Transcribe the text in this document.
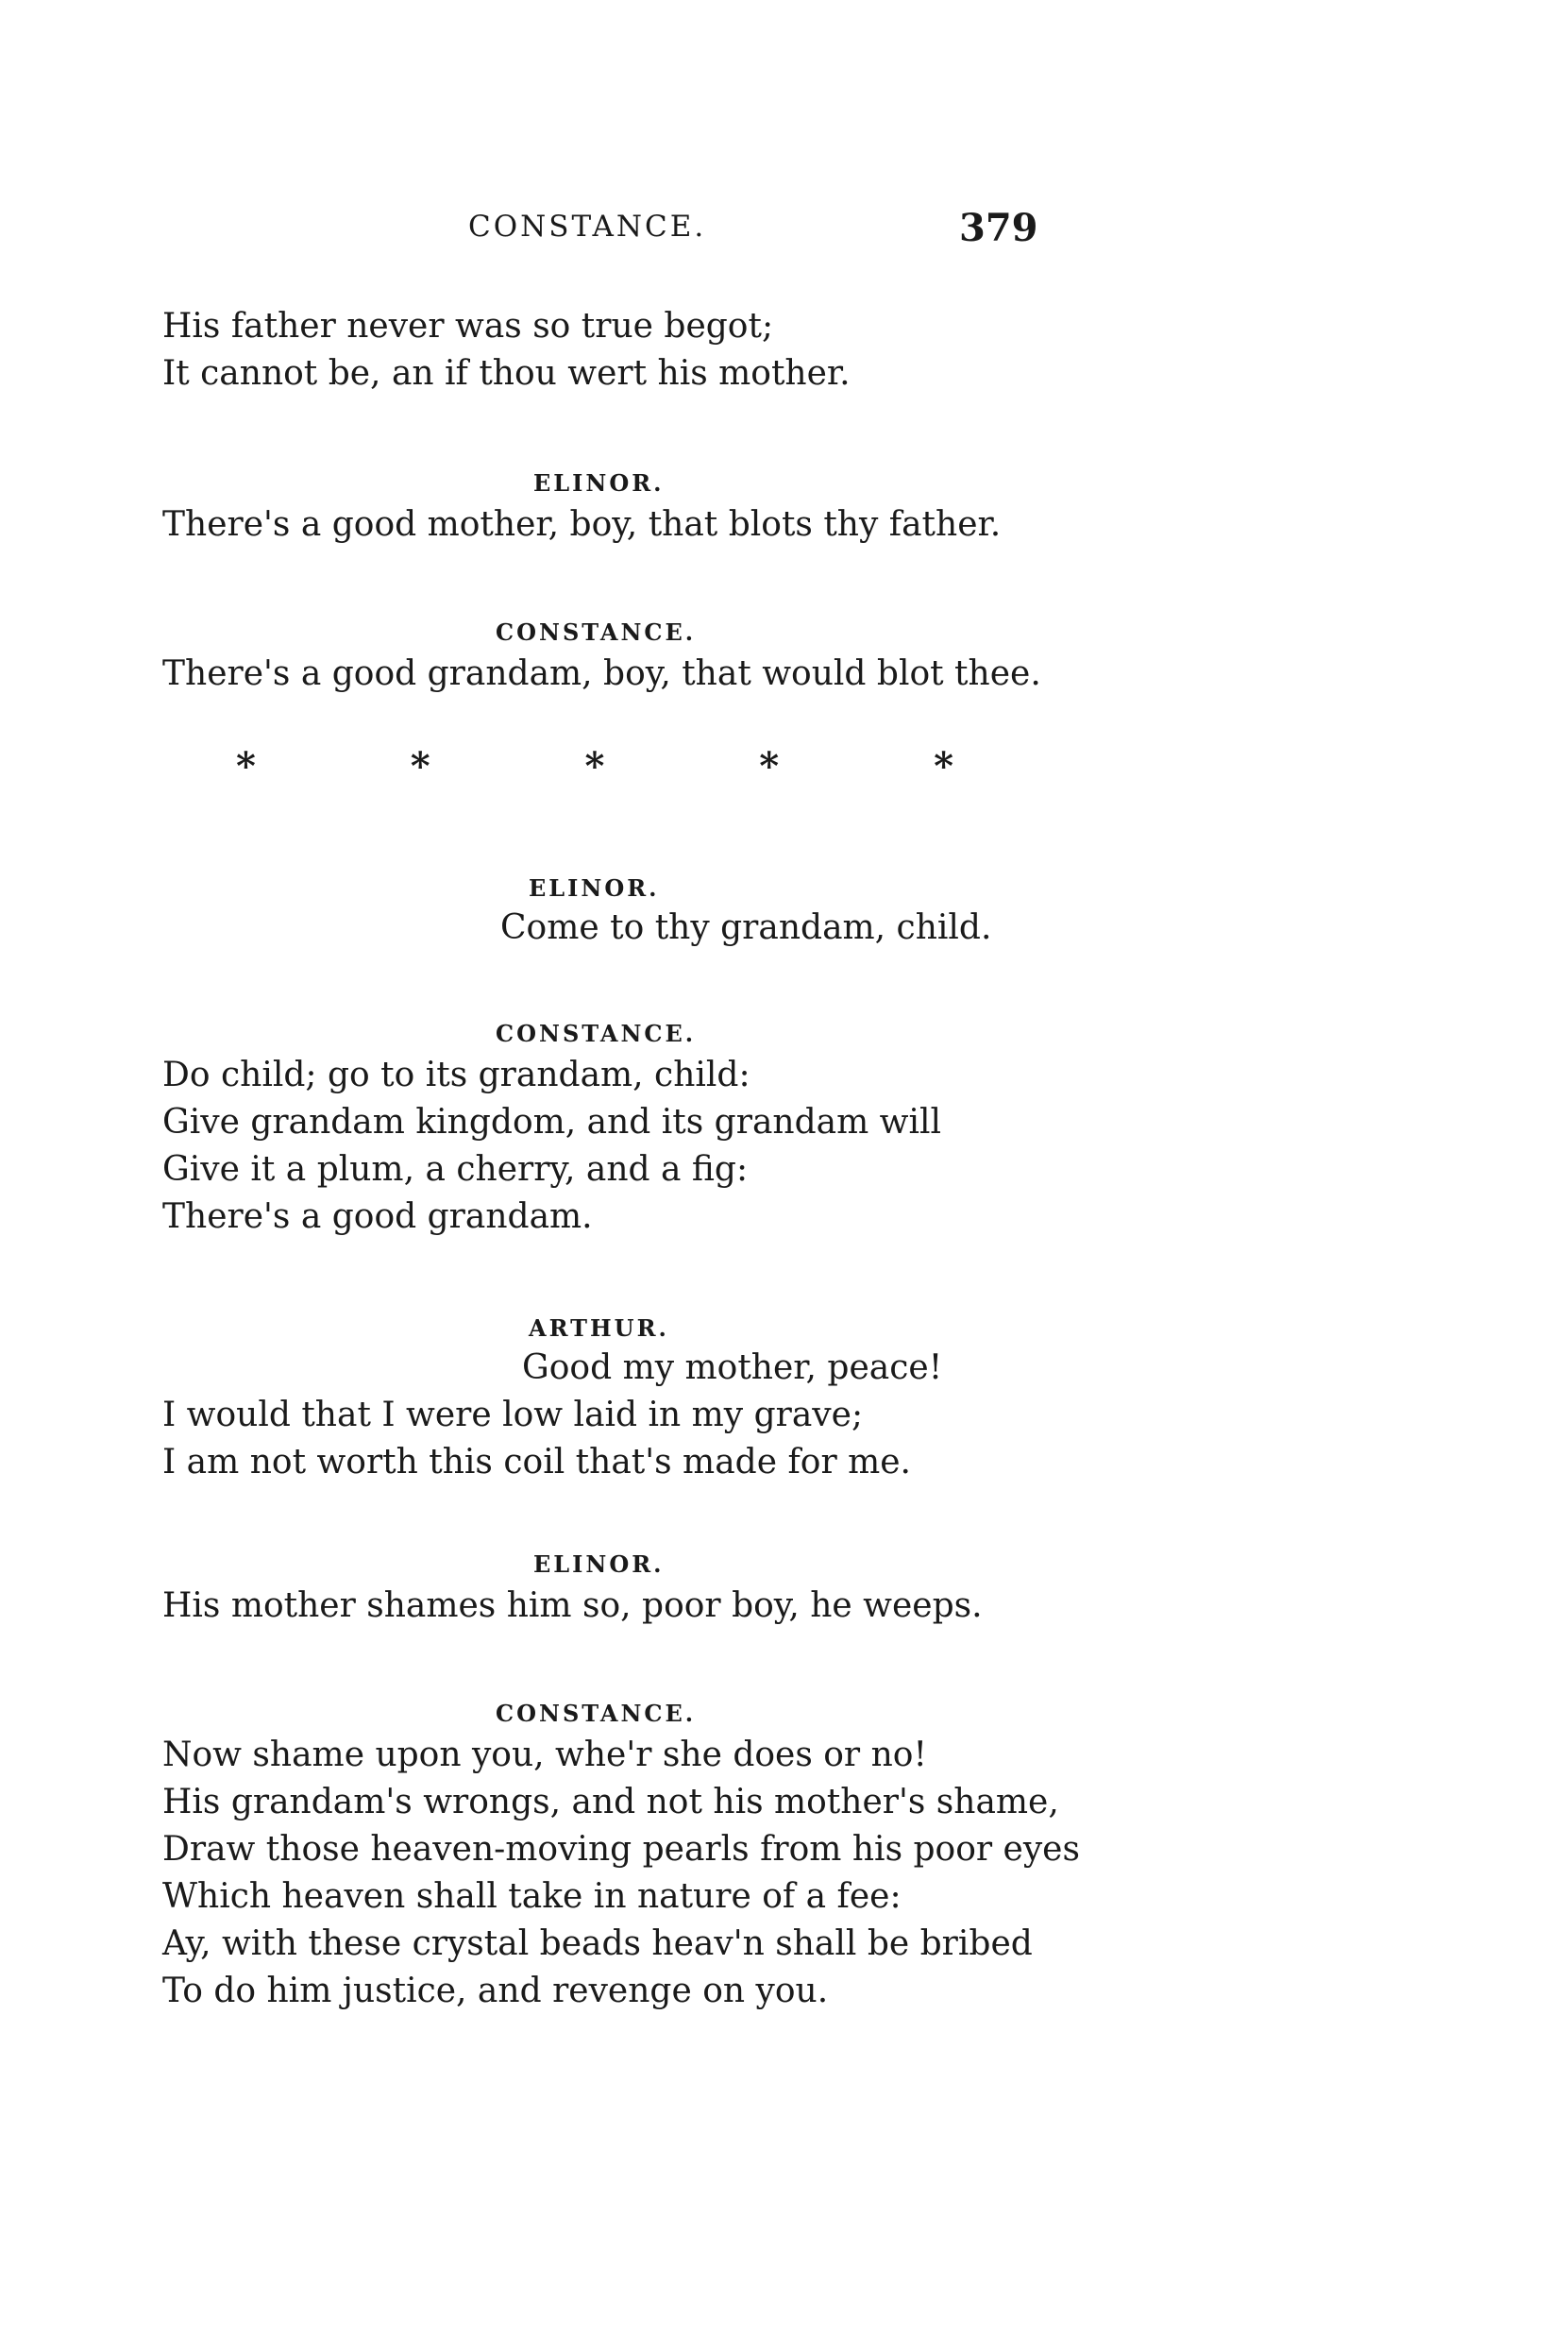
CONSTANCE.	379
His father never was so true begot;
It cannot be, an if thou wert his mother.
ELINOR.
There's a good mother, boy, that blots thy father.
CONSTANCE.
There's a good grandam, boy, that would blot thee.
*	*	*	*	*
ELINOR.
Come to thy grandam, child.
CONSTANCE.
Do child; go to its grandam, child:
Give grandam kingdom, and its grandam will
Give it a plum, a cherry, and a fig:
There's a good grandam.
ARTHUR.
Good my mother, peace!
I would that I were low laid in my grave;
I am not worth this coil that's made for me.
ELINOR.
His mother shames him so, poor boy, he weeps.
CONSTANCE.
Now shame upon you, whe'r she does or no!
His grandam's wrongs, and not his mother's shame,
Draw those heaven-moving pearls from his poor eyes
Which heaven shall take in nature of a fee:
Ay, with these crystal beads heav'n shall be bribed
To do him justice, and revenge on you.
